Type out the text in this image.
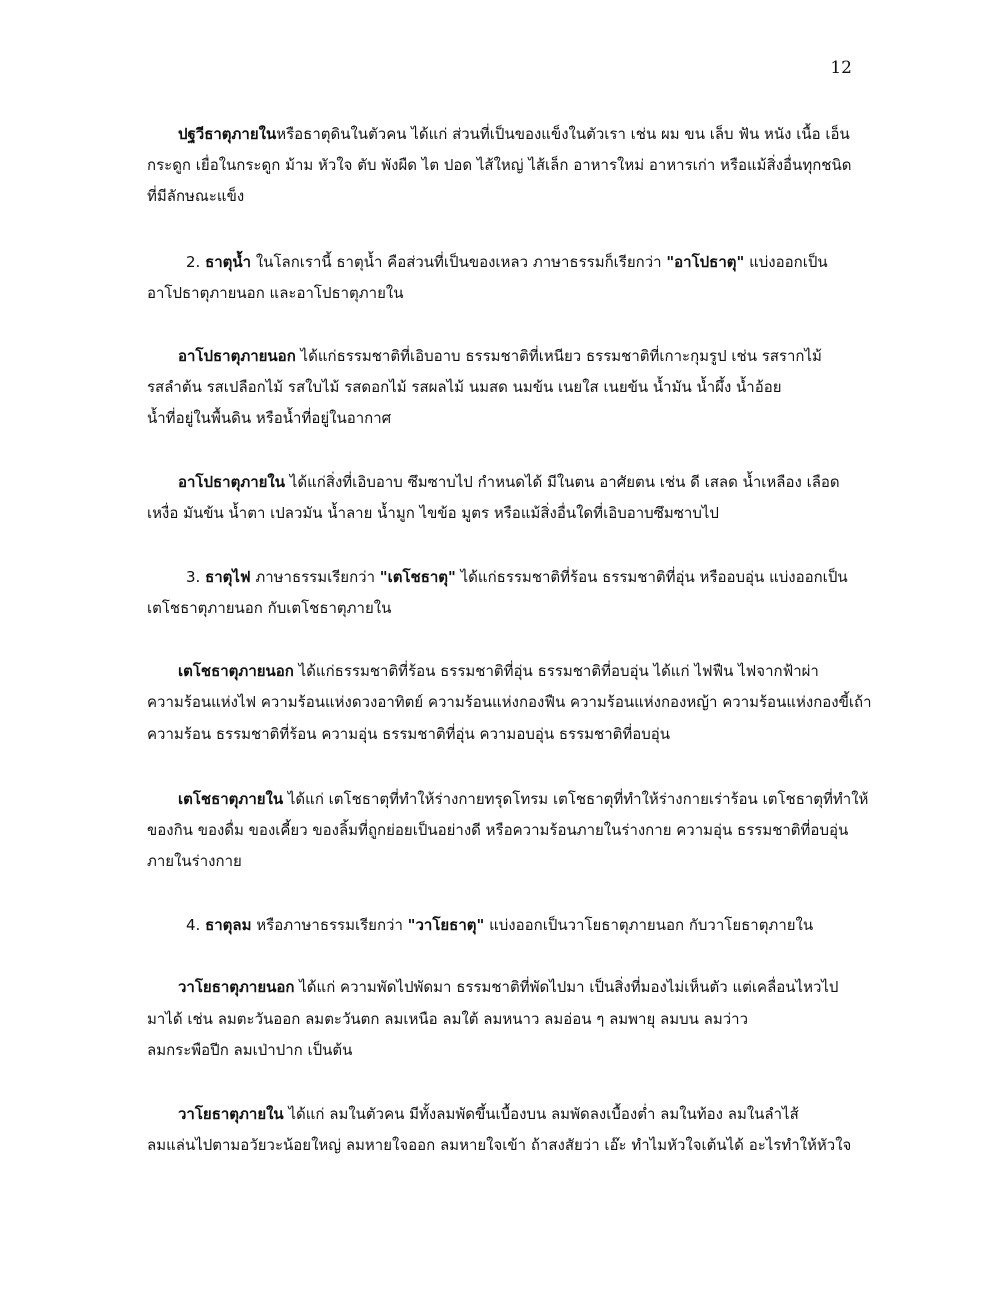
12
ปฐวีธาตุภายในหรือธาตุดินในตัวคน ได้แก่ ส่วนที่เป็นของแข็งในตัวเรา เช่น ผม ขน เล็บ ฟัน หนัง เนื้อ เอ็น
กระดูก เยื่อในกระดูก ม้าม หัวใจ ตับ พังผืด ไต ปอด ไส้ใหญ่ ไส้เล็ก อาหารใหม่ อาหารเก่า หรือแม้สิ่งอื่นทุกชนิด
ที่มีลักษณะแข็ง
2. ธาตุน้ำ ในโลกเรานี้ ธาตุน้ำ คือส่วนที่เป็นของเหลว ภาษาธรรมก็เรียกว่า "อาโปธาตุ" แบ่งออกเป็น
อาโปธาตุภายนอก และอาโปธาตุภายใน
อาโปธาตุภายนอก ได้แก่ธรรมชาติที่เอิบอาบ ธรรมชาติที่เหนียว ธรรมชาติที่เกาะกุมรูป เช่น รสรากไม้
รสลำต้น รสเปลือกไม้ รสใบไม้ รสดอกไม้ รสผลไม้ นมสด นมข้น เนยใส เนยข้น น้ำมัน น้ำผึ้ง น้ำอ้อย
น้ำที่อยู่ในพื้นดิน หรือน้ำที่อยู่ในอากาศ
อาโปธาตุภายใน ได้แก่สิ่งที่เอิบอาบ ซึมซาบไป กำหนดได้ มีในตน อาศัยตน เช่น ดี เสลด น้ำเหลือง เลือด
เหงื่อ มันข้น น้ำตา เปลวมัน น้ำลาย น้ำมูก ไขข้อ มูตร หรือแม้สิ่งอื่นใดที่เอิบอาบซึมซาบไป
3. ธาตุไฟ ภาษาธรรมเรียกว่า "เตโชธาตุ" ได้แก่ธรรมชาติที่ร้อน ธรรมชาติที่อุ่น หรืออบอุ่น แบ่งออกเป็น
เตโชธาตุภายนอก กับเตโชธาตุภายใน
เตโชธาตุภายนอก ได้แก่ธรรมชาติที่ร้อน ธรรมชาติที่อุ่น ธรรมชาติที่อบอุ่น ได้แก่ ไฟฟืน ไฟจากฟ้าผ่า
ความร้อนแห่งไฟ ความร้อนแห่งดวงอาทิตย์ ความร้อนแห่งกองฟืน ความร้อนแห่งกองหญ้า ความร้อนแห่งกองขี้เถ้า
ความร้อน ธรรมชาติที่ร้อน ความอุ่น ธรรมชาติที่อุ่น ความอบอุ่น ธรรมชาติที่อบอุ่น
เตโชธาตุภายใน ได้แก่ เตโชธาตุที่ทำให้ร่างกายทรุดโทรม เตโชธาตุที่ทำให้ร่างกายเร่าร้อน เตโชธาตุที่ทำให้
ของกิน ของดื่ม ของเคี้ยว ของลิ้มที่ถูกย่อยเป็นอย่างดี หรือความร้อนภายในร่างกาย ความอุ่น ธรรมชาติที่อบอุ่น
ภายในร่างกาย
4. ธาตุลม หรือภาษาธรรมเรียกว่า "วาโยธาตุ" แบ่งออกเป็นวาโยธาตุภายนอก กับวาโยธาตุภายใน
วาโยธาตุภายนอก ได้แก่ ความพัดไปพัดมา ธรรมชาติที่พัดไปมา เป็นสิ่งที่มองไม่เห็นตัว แต่เคลื่อนไหวไป
มาได้ เช่น ลมตะวันออก ลมตะวันตก ลมเหนือ ลมใต้ ลมหนาว ลมอ่อน ๆ ลมพายุ ลมบน ลมว่าว
ลมกระพือปีก ลมเป่าปาก เป็นต้น
วาโยธาตุภายใน ได้แก่ ลมในตัวคน มีทั้งลมพัดขึ้นเบื้องบน ลมพัดลงเบื้องต่ำ ลมในท้อง ลมในลำไส้
ลมแล่นไปตามอวัยวะน้อยใหญ่ ลมหายใจออก ลมหายใจเข้า ถ้าสงสัยว่า เอ๊ะ ทำไมหัวใจเต้นได้ อะไรทำให้หัวใจ
